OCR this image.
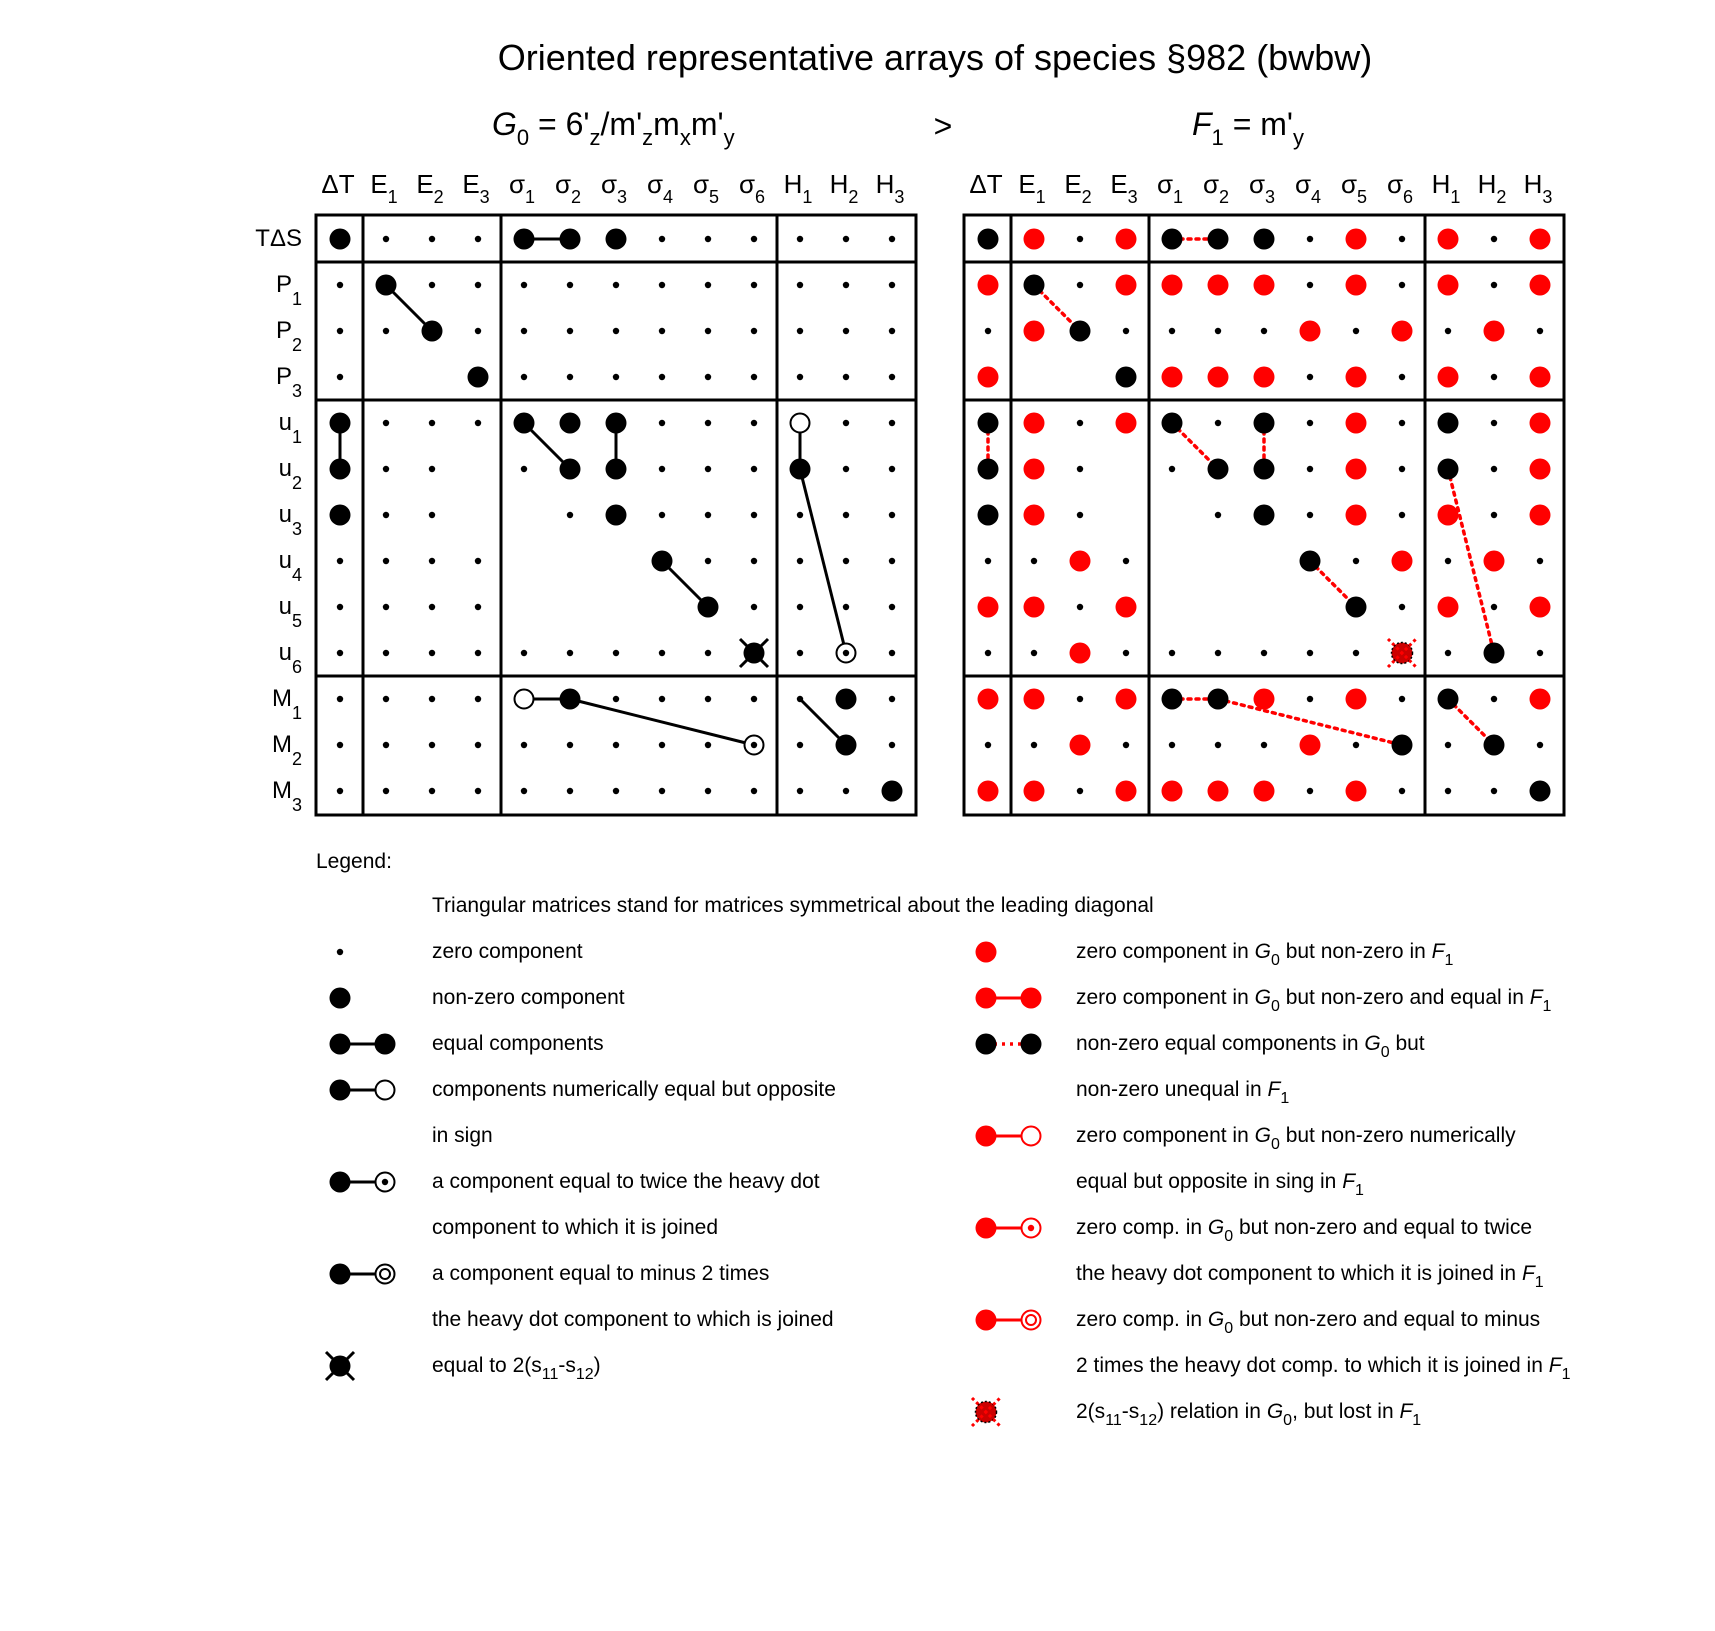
Oriented representative arrays of species §982 (bwbw)
$G_0 = 6'_z/m'_zm_xm'_y$	>	$F_1 = m'_y$
ΔT $E_1$ $E_2$ $E_3$ $\sigma_1$ $\sigma_2$ $\sigma_3$ $\sigma_4$ $\sigma_5$ $\sigma_6$ $H_1$ $H_2$ $H_3$
TΔS
$P_1$
$P_2$
$P_3$
$u_1$
$u_2$
$u_3$
$u_4$
$u_5$
$u_6$
$M_1$
$M_2$
$M_3$
ΔT $E_1$ $E_2$ $E_3$ $\sigma_1$ $\sigma_2$ $\sigma_3$ $\sigma_4$ $\sigma_5$ $\sigma_6$ $H_1$ $H_2$ $H_3$
Legend:
Triangular matrices stand for matrices symmetrical about the leading diagonal
zero component
non-zero component
equal components
components numerically equal but opposite
in sign
a component equal to twice the heavy dot
component to which it is joined
a component equal to minus 2 times
the heavy dot component to which is joined
equal to $2(s_{11}-s_{12})$
zero component in $G_0$ but non-zero in $F_1$
zero component in $G_0$ but non-zero and equal in $F_1$
non-zero equal components in $G_0$ but
non-zero unequal in $F_1$
zero component in $G_0$ but non-zero numerically
equal but opposite in sing in $F_1$
zero comp. in $G_0$ but non-zero and equal to twice
the heavy dot component to which it is joined in $F_1$
zero comp. in $G_0$ but non-zero and equal to minus
2 times the heavy dot comp. to which it is joined in $F_1$
$2(s_{11}-s_{12})$ relation in $G_0$, but lost in $F_1$
